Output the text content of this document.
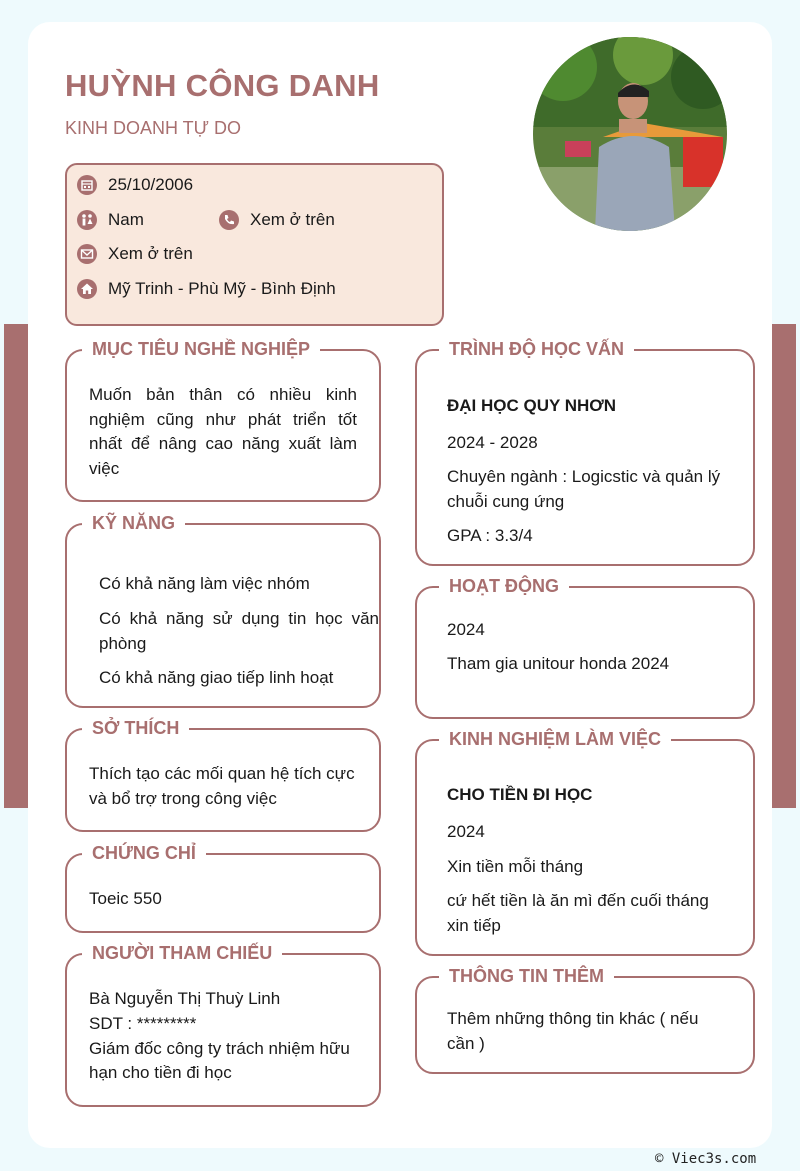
HUỲNH CÔNG DANH
KINH DOANH TỰ DO
25/10/2006
Nam	Xem ở trên
Xem ở trên
Mỹ Trinh - Phù Mỹ - Bình Định
MỤC TIÊU NGHỀ NGHIỆP
Muốn bản thân có nhiều kinh
nghiệm cũng như phát triển tốt
nhất để nâng cao năng xuất làm
việc
KỸ NĂNG
Có khả năng làm việc nhóm
Có khả năng sử dụng tin học văn
phòng
Có khả năng giao tiếp linh hoạt
SỞ THÍCH
Thích tạo các mối quan hệ tích cực
và bổ trợ trong công việc
CHỨNG CHỈ
Toeic 550
NGƯỜI THAM CHIẾU
Bà Nguyễn Thị Thuỳ Linh
SDT : *********
Giám đốc công ty trách nhiệm hữu
hạn cho tiền đi học
TRÌNH ĐỘ HỌC VẤN
ĐẠI HỌC QUY NHƠN
2024 - 2028
Chuyên ngành : Logicstic và quản lý
chuỗi cung ứng
GPA : 3.3/4
HOẠT ĐỘNG
2024
Tham gia unitour honda 2024
KINH NGHIỆM LÀM VIỆC
CHO TIỀN ĐI HỌC
2024
Xin tiền mỗi tháng
cứ hết tiền là ăn mì đến cuối tháng
xin tiếp
THÔNG TIN THÊM
Thêm những thông tin khác ( nếu
cần )
© Viec3s.com
